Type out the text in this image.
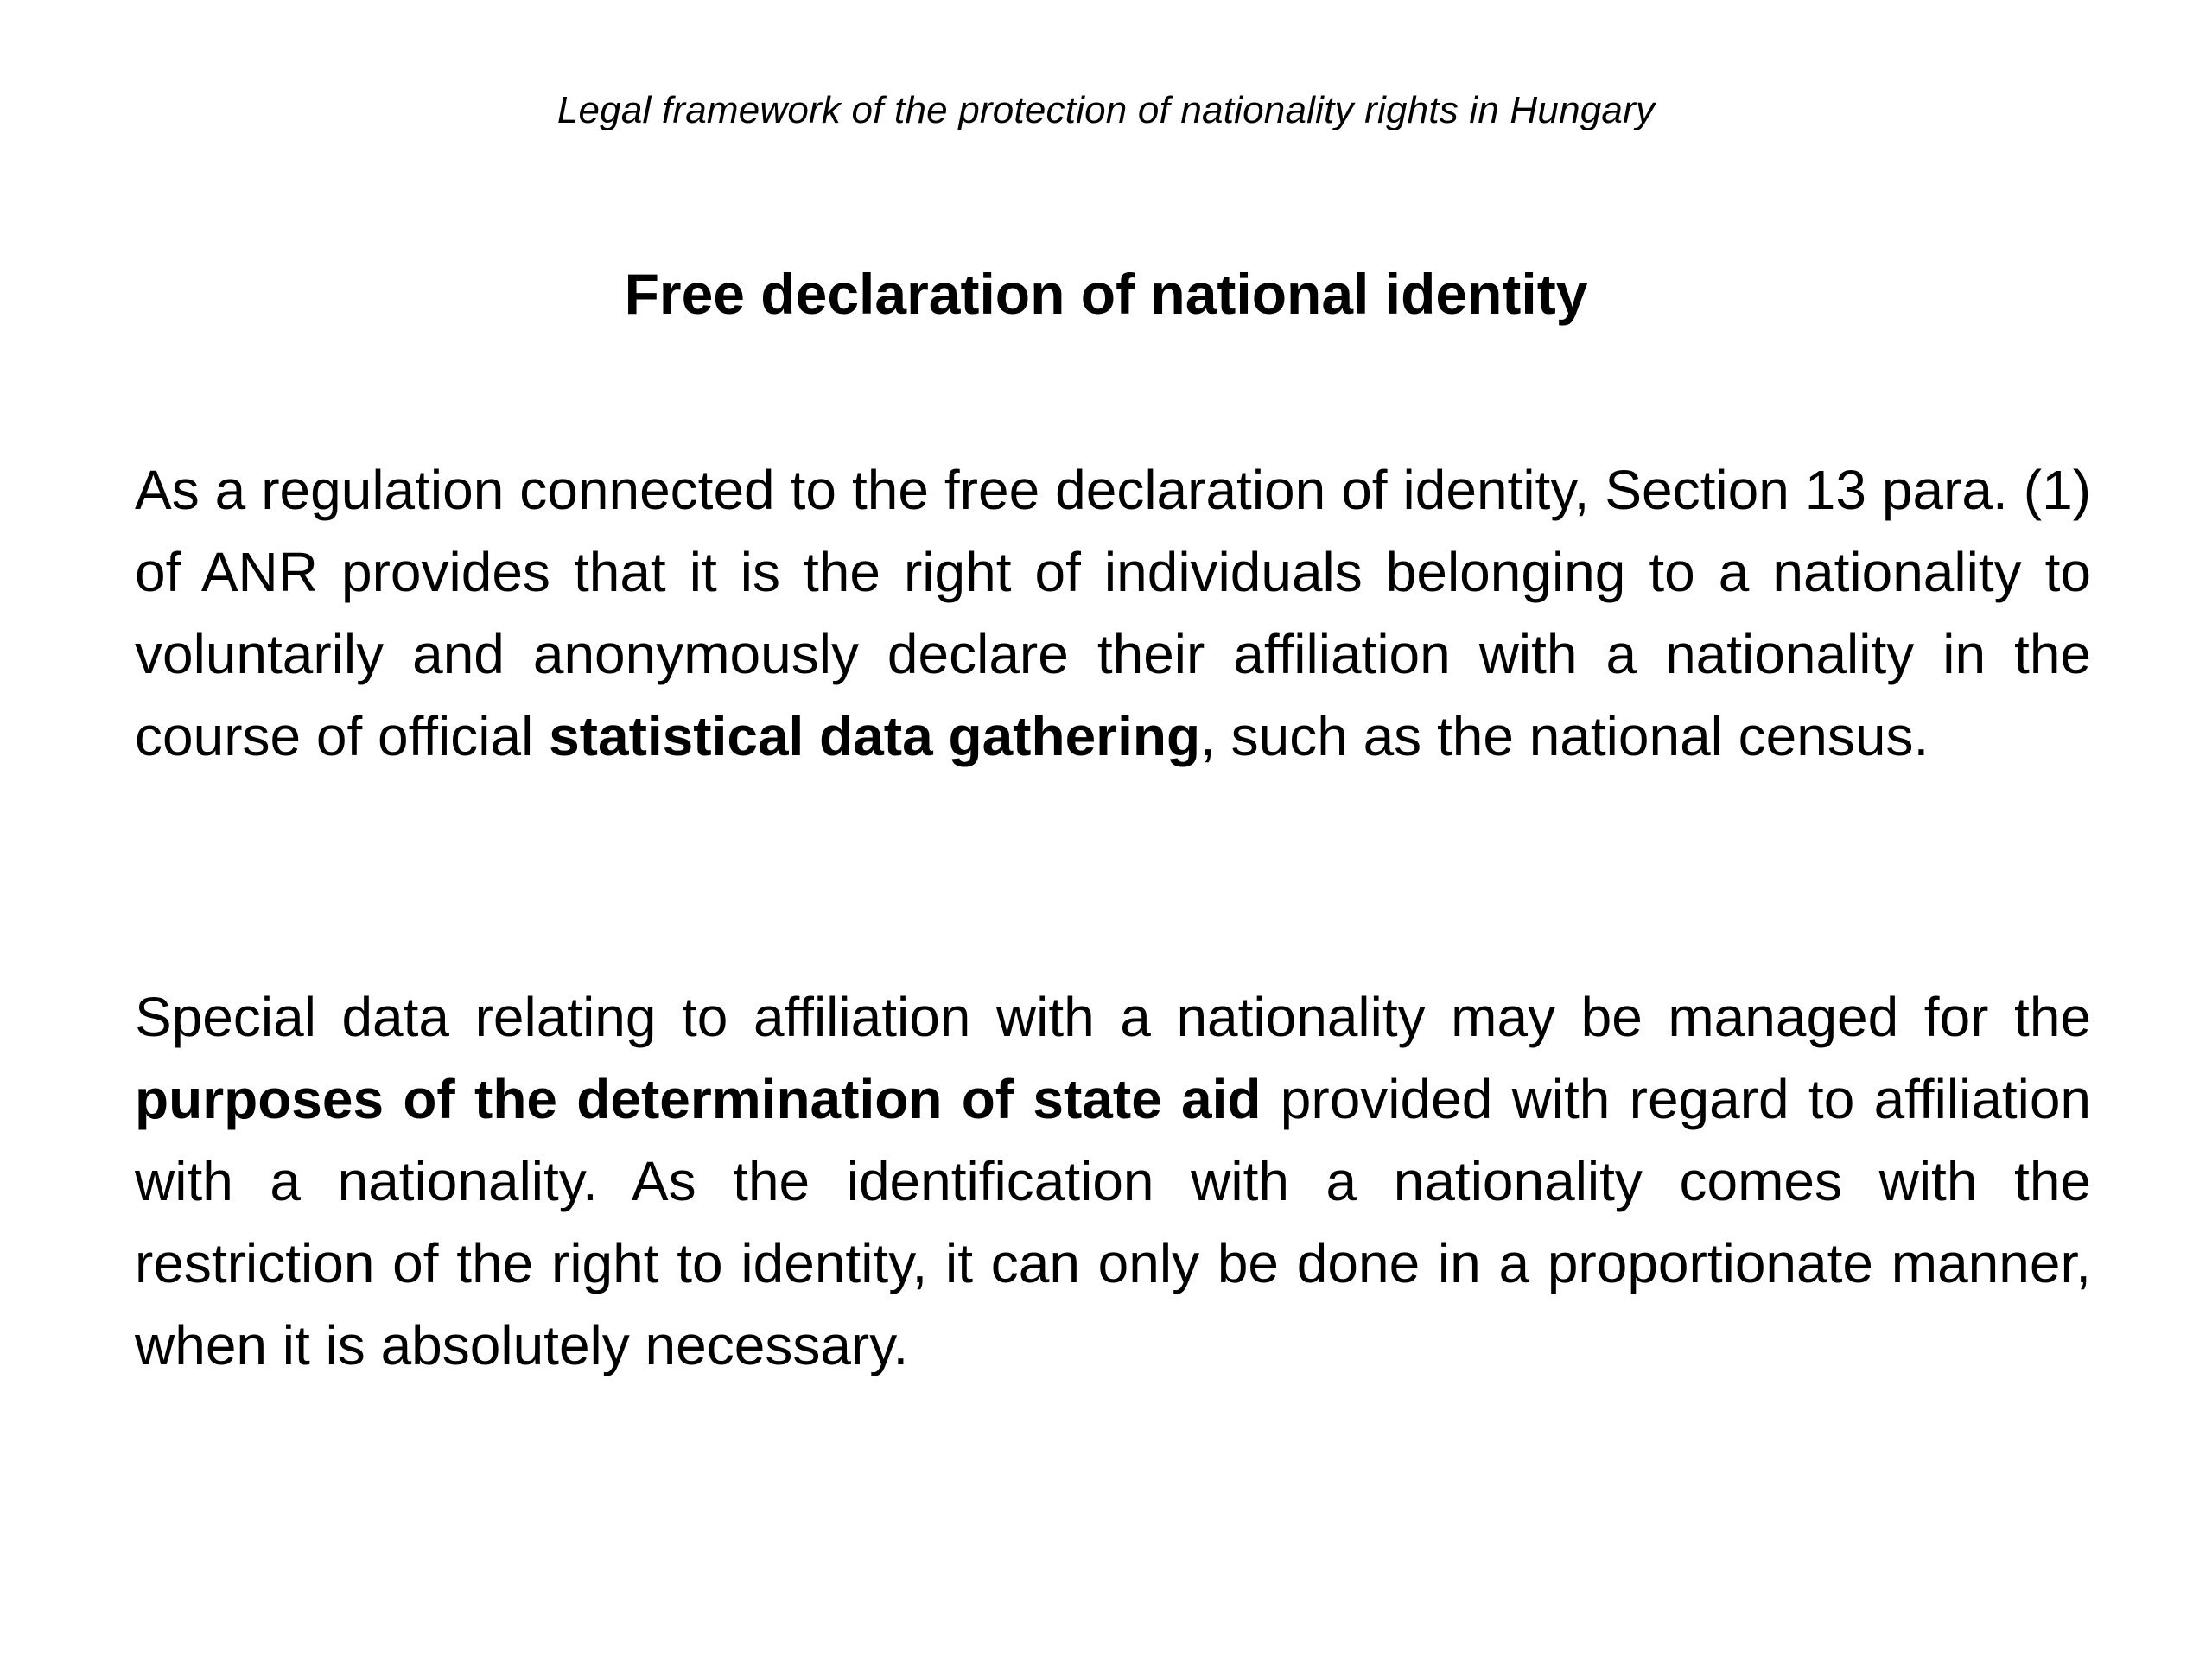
Legal framework of the protection of nationality rights in Hungary
Free declaration of national identity

As a regulation connected to the free declaration of identity, Section 13 para. (1) of ANR provides that it is the right of individuals belonging to a nationality to voluntarily and anonymously declare their affiliation with a nationality in the course of official statistical data gathering, such as the national census.

Special data relating to affiliation with a nationality may be managed for the purposes of the determination of state aid provided with regard to affiliation with a nationality. As the identification with a nationality comes with the restriction of the right to identity, it can only be done in a proportionate manner, when it is absolutely necessary.
